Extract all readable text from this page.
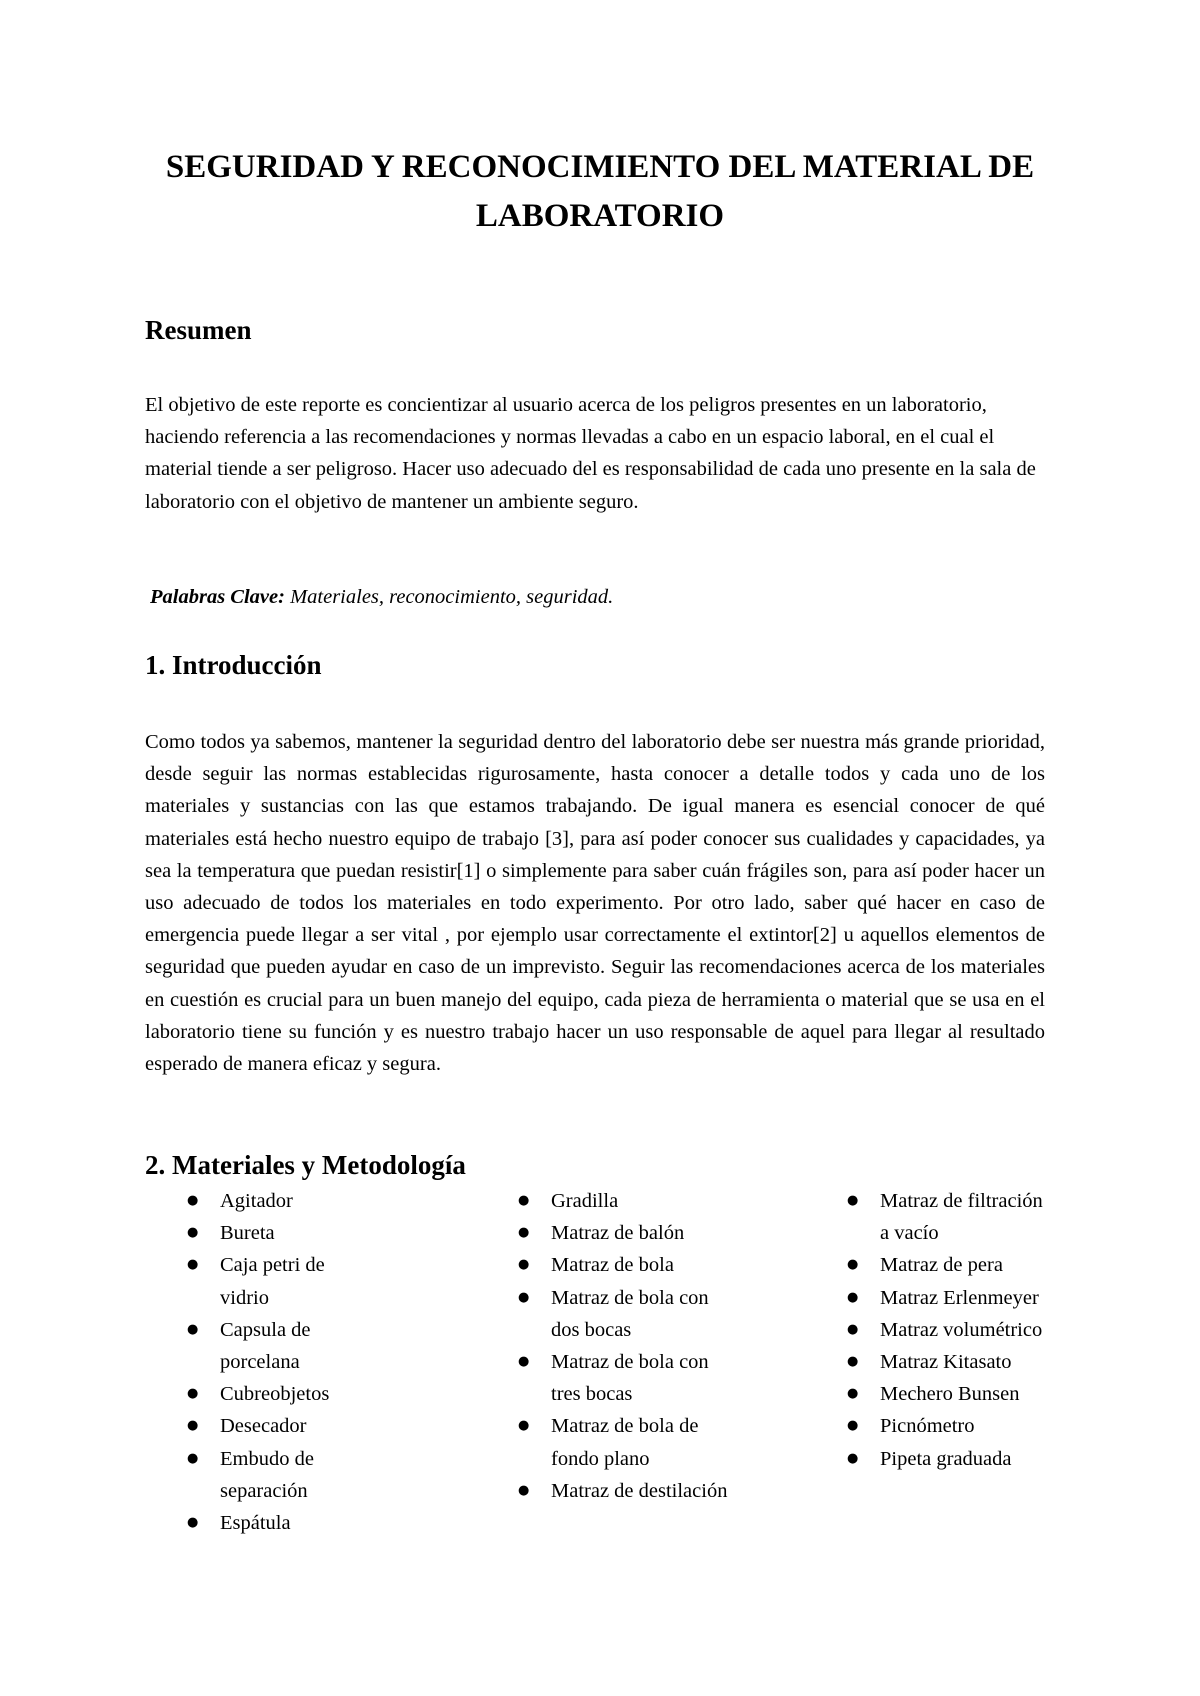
SEGURIDAD Y RECONOCIMIENTO DEL MATERIAL DE LABORATORIO
Resumen

El objetivo de este reporte es concientizar al usuario acerca de los peligros presentes en un laboratorio, haciendo referencia a las recomendaciones y normas llevadas a cabo en un espacio laboral, en el cual el material tiende a ser peligroso. Hacer uso adecuado del es responsabilidad de cada uno presente en la sala de laboratorio con el objetivo de mantener un ambiente seguro.

Palabras Clave: Materiales, reconocimiento, seguridad.

1. Introducción

Como todos ya sabemos, mantener la seguridad dentro del laboratorio debe ser nuestra más grande prioridad, desde seguir las normas establecidas rigurosamente, hasta conocer a detalle todos y cada uno de los materiales y sustancias con las que estamos trabajando. De igual manera es esencial conocer de qué materiales está hecho nuestro equipo de trabajo [3], para así poder conocer sus cualidades y capacidades, ya sea la temperatura que puedan resistir[1] o simplemente para saber cuán frágiles son, para así poder hacer un uso adecuado de todos los materiales en todo experimento. Por otro lado, saber qué hacer en caso de emergencia puede llegar a ser vital , por ejemplo usar correctamente el extintor[2] u aquellos elementos de seguridad que pueden ayudar en caso de un imprevisto. Seguir las recomendaciones acerca de los materiales en cuestión es crucial para un buen manejo del equipo, cada pieza de herramienta o material que se usa en el laboratorio tiene su función y es nuestro trabajo hacer un uso responsable de aquel para llegar al resultado esperado de manera eficaz y segura.

2. Materiales y Metodología
● Agitador
● Bureta
● Caja petri de vidrio
● Capsula de porcelana
● Cubreobjetos
● Desecador
● Embudo de separación
● Espátula
● Gradilla
● Matraz de balón
● Matraz de bola
● Matraz de bola con dos bocas
● Matraz de bola con tres bocas
● Matraz de bola de fondo plano
● Matraz de destilación
● Matraz de filtración a vacío
● Matraz de pera
● Matraz Erlenmeyer
● Matraz volumétrico
● Matraz Kitasato
● Mechero Bunsen
● Picnómetro
● Pipeta graduada
